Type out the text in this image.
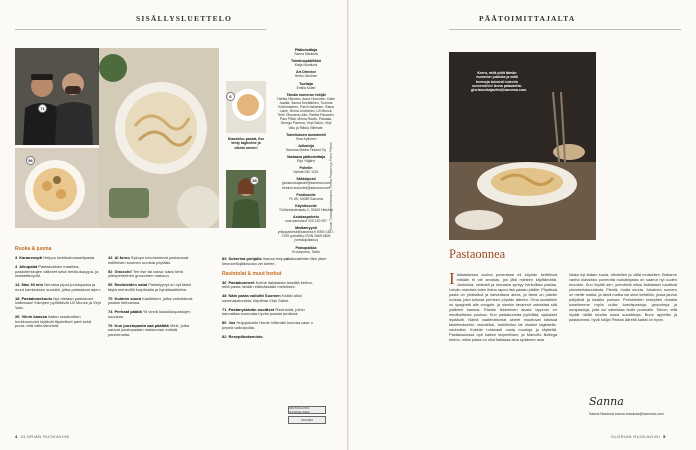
SISÄLLYSLUETTELO
71
6
Klassikko-pastat, ilse tehty taglioline ja oikeat unnen!
38
56
Ruoka & juoma
3 Kanaresepti Helppo kirsikkatomaattipasta
4 Alkupalat Pastakokkien maailma, pastaherkkujen välineet sekä herkkukauppa- ja markettiloydöt.
14 Max 30 min Neroksa pipar-juustopasta ja muut toimituksen suosikit, jotka pelastavat arjen.
18 Pastakonekoulu Nyt otetaan pastakone hallintaan! Kämpen pyörittävät Lili Munck ja Virpi Valo.
26 Viinin kanssa Italian maakuntien herkkuseudut kiytävät täydelliset parit sekä puna- että valkoviineistä.
44 Al forno Sykoyn toivotuimmat pastavuoat ristilleisen suomen uunista pöytään.
52 Gnocchi! Tee itse tai ostaa: kaksi tietä yllenperheinen gnocchien makuun.
56 Ravioleiden salat Pastatyynyt on nyt tästä täytä mehevillä kurpitsalla ja hyhtökastiketta.
70 Koimen suora Kastikkeet, jotka valmistuvat pastan kiehuessa.
74 Perhaat päätiä Yli vinnä klassikkopastojen suunsan.
76 Kun juustopasta saa päättää Viinit, jotka sauvat juustopastan maistuman entistä paremmalta.
83 Sokerina pohjalla Ihanan helppo limoncellojälkiruoka vei kielen.
Ravintolat & muut herkut
36 Pastakonneet Kolme italialaista issialllä kerfoo, mitä pasta heidän elämässään merkitsee.
48 Näin pasta valloitti Suomen Kaikki alkoi savimakaronista, kirjoittaa Virpi Salmi.
71 Pastanystävän osoitteet Ravintolat, joihin kannattaa suunnata hyvän pastan perässä.
80 Jos Huippukokki Hanis Välimäki kunnaa case o pepeä valkoipullia.
82 Reseptihakemisto
4 GLORIAN RUOKAVIINI
Kuvat Tuomas Kolehmainen, Reetta Pasanen ja Pierre Pillibel.
Päätoimittaja
Sanna Maukula
Toimituspäällikkö
Katja Nordlund
Art Director
Hertsi Järvinen
Tuottaja
Emilia Kolari
Tämän numeron tekijät
Heritta Hiltunen, Anna Huovinen, Kalle Jaatila, Sanna Kekäläinen, Tuomas Kolehmainen, Pasi Kostiainen, Raisa Laine, Ninna Lindström, Lili Munck, Terhi Oikonenn-Alm, Reetta Pasanen, Paru Pitkä, Minna Raviin, Pakaala, Georgo Pamera, Virpi Salmi, Virpi Valo ja Riikka Villehale.
Toimituksen assistentti
Tiina Kylkinen
Julkaisija
Sanoma Media Finland Oy
Vastaava päätoimittaja
Erja Yläjärvi
Puhelin
Vaihde 030 1201
Sähköposti
gloriaruokajaviini@sanoma.com etunimi.sukunimi@sanoma.com
Postiosoite
PL 65, 00089 Sanoma
Käyntiosoite
Töölönlahdenkatu 2, 00100 Helsinki
Asiakaspalvelu
oma.sanoma.fi 020 120 097
Mediamyynti
yrityspalvelut@sanoma.fi ISSN 1457-0769 (painettu) ISSN 2669-9826 (verkkojulkaisu)
Painopaikka
Kroonpress, Tartto
Aikakauslehtien liiton jäsen
VASTUULLISTA JOURNALISMIA
SANOMA
PÄÄTOIMITTAJALTA
Kerro, mitä pidit tämän numeron jutuista ja mitä teemoja toivoisit tuleviin numeroihin! Anna palautetta: gloriaruokajaviini@sanoma.com.
Pastaonnea
Italialaisessa cucina poverassa eli köyhän keittiössä mikään ei ole arvokas, jos jätä mieleen käyttämättä. Jauhoista, vedestä ja munasta syntyy herkullista pastaa. Leivän muruista tulee ihana rapea lisä pastan päälle. Pöydissä pasta on yhdistävä ja ilahduttava aines, ja tämä on päivän ruokaa, joka kokoaa perheen pöydän ääreen. Oma suosikkini on spaghetti alle vongole, ja olenkin tavannut valmistaa sitä ystävien kanssa. Pastan tekeminen alusta loppuun on meditatiivista puuhaa. Kun pastakonetta pyörittää, ajatukset lepäävät. Nämä vaatimattomat aineet muuttuvat käsissä taideteokseksi: ravioleiksi, tortelliniksi tai ohuiksi tagliatelle-nauhoiksi. Kokeile rohkeasti uusia muotoja ja täytteitä. Pastakoulussa opit kaiken tarpeellisen, ja Marcello Bottega kertoo, miksi pasta on ollut Italiassa aina sydämen asia.
Vasta nyt lisäsin suola, viilsitellen ja väliä muistellen. Bottaron vanha klassikko poverotta ruokalinjasta on saanut nyt uuden muodon. Kun löydät sen, ymmärrät miksi italialaiset nauttivat yksinkertaisuudesta. Pientä, mutta suurta. Jokainen numero on meille matka, ja tämä matka vie sinut keittiöön, jossa jauhot pöllyävät ja kastike porisee. Perinteisten reseptien rinnalla kokeilemme myös uutta: kasvispastoja, gnoccheja ja uunipastoja, joita voi valmistaa isolle porukalle. Toivon, että löydät näiltä sivuilta uusia suosikkeja. Buon appetito ja pastaonnea, hyvä lukija! Pastan äärellä kaikki on hyvin.
Sanna
Sanna Maukula sanna.maukula@sanoma.com
GLORIAN RUOKAVIINI 5
